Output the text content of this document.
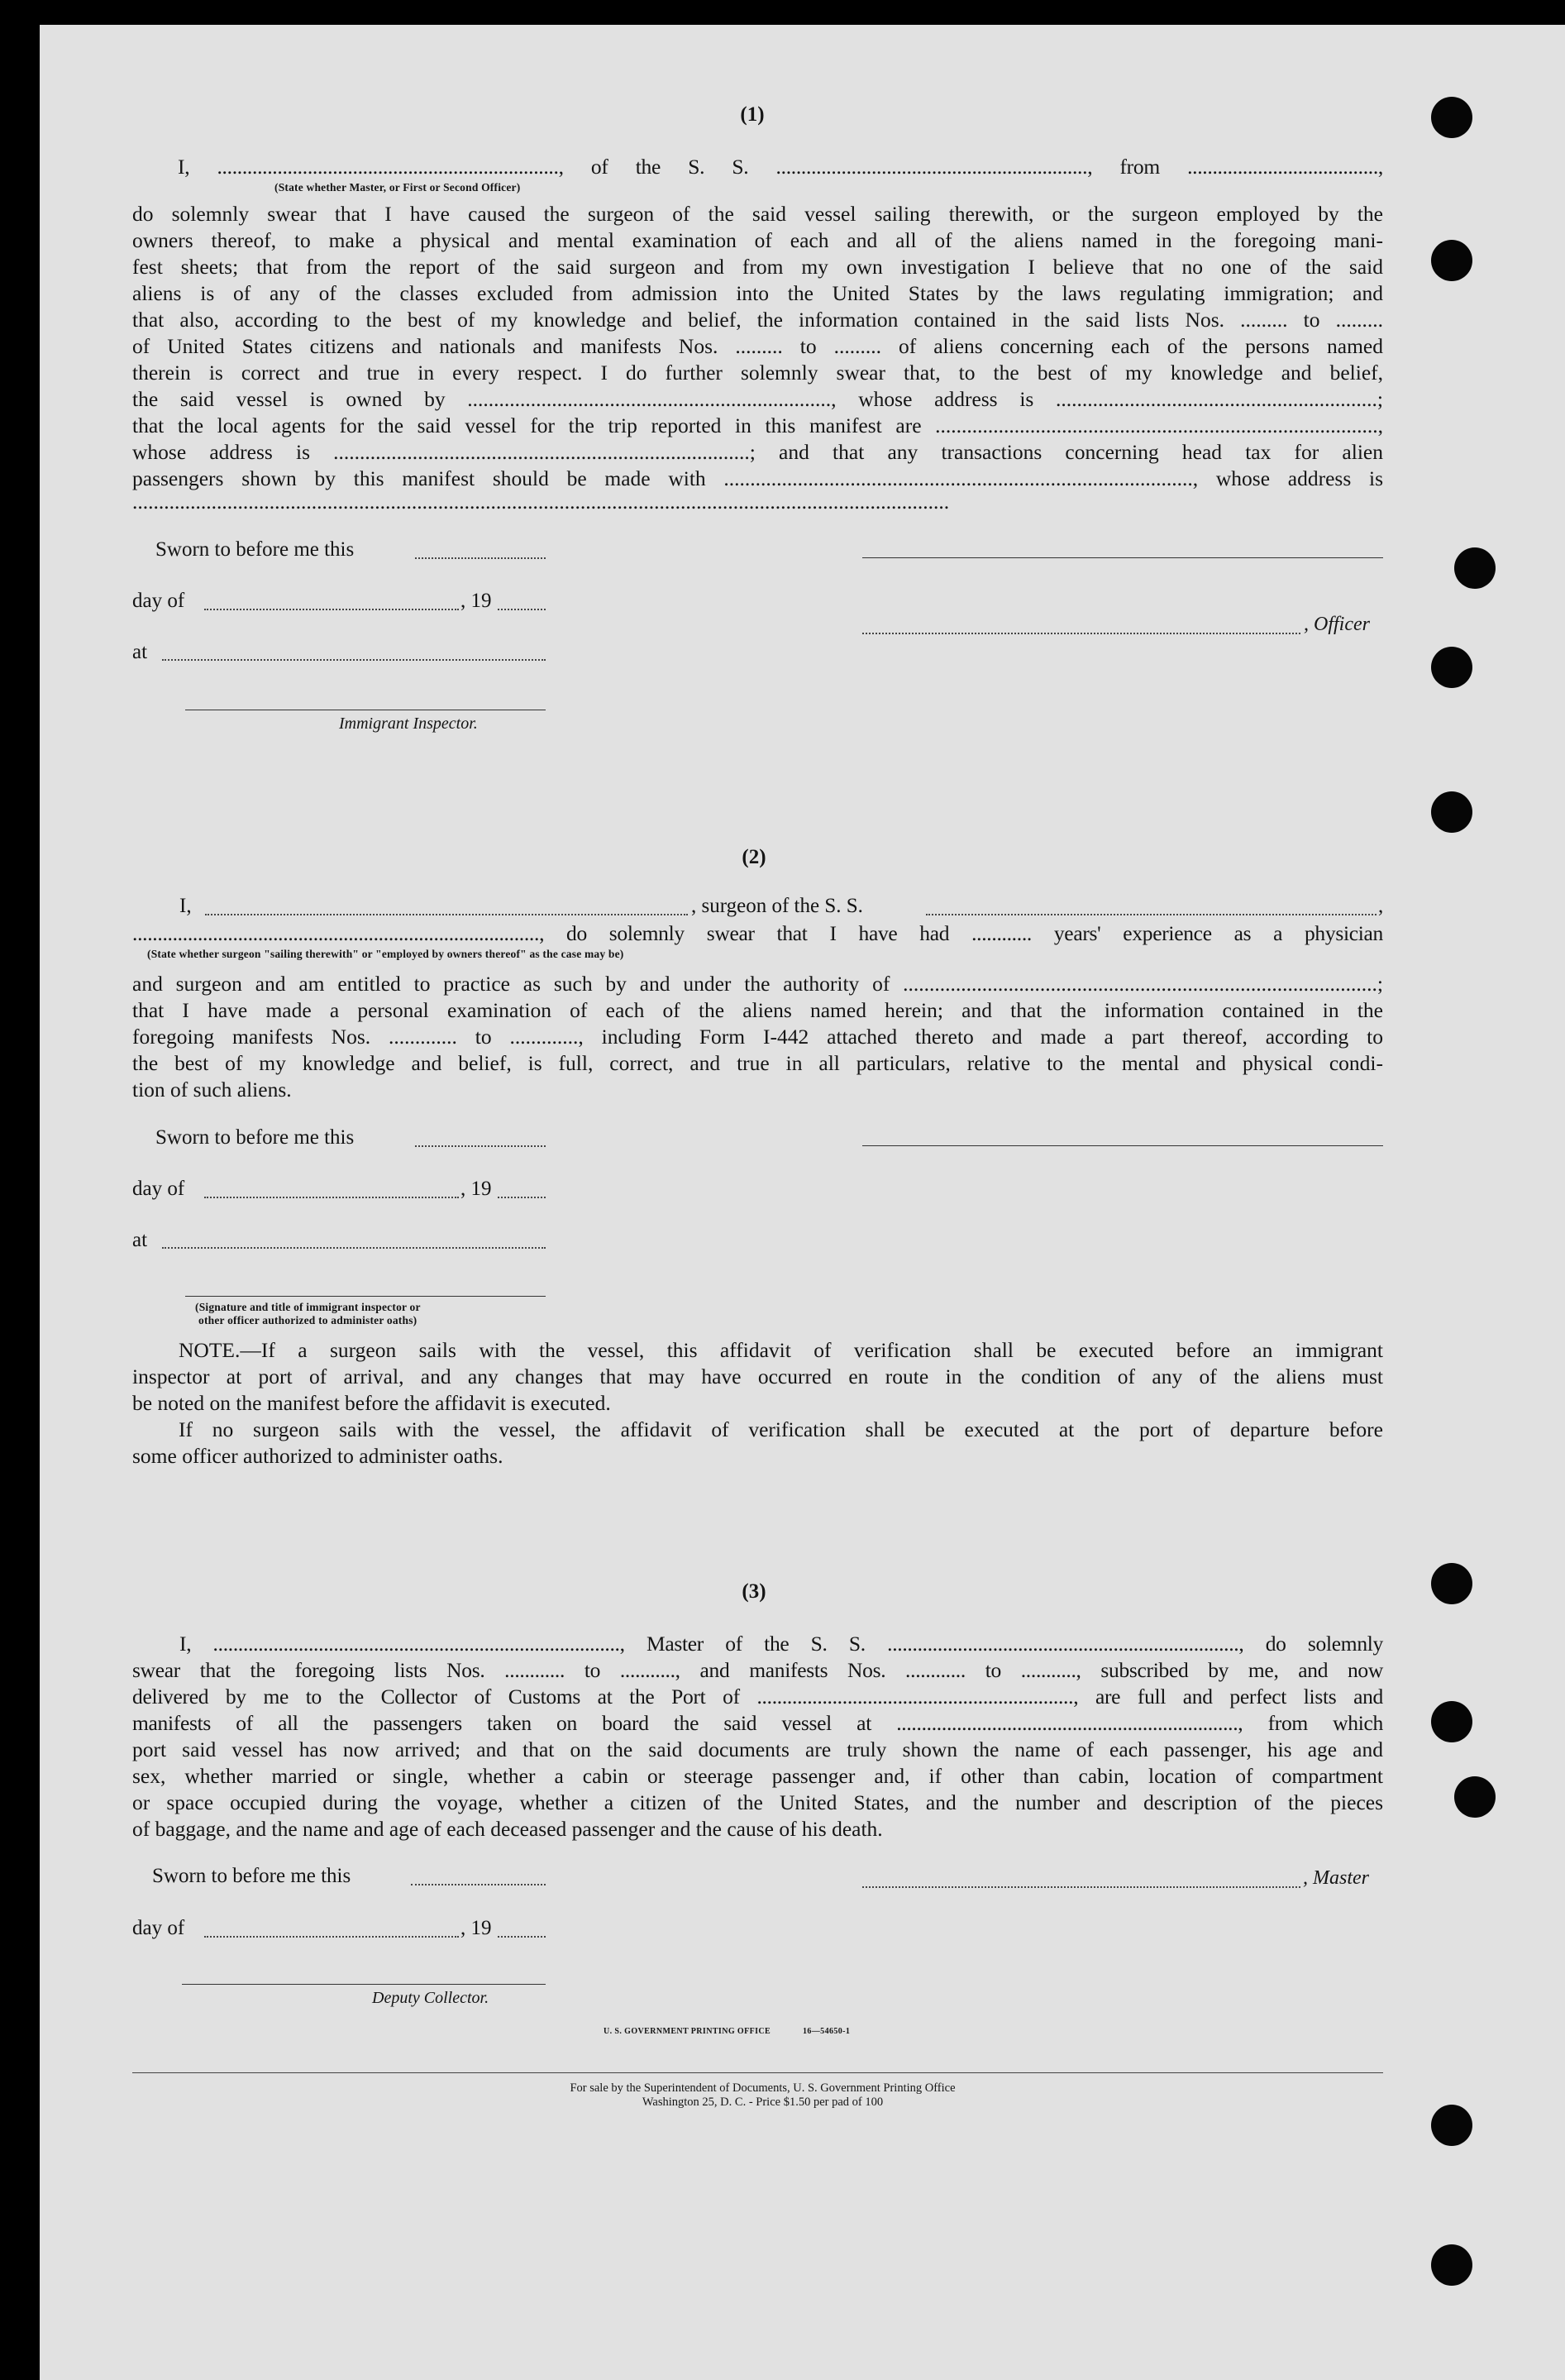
(1)
I, ...................................................................., of the S. S. .............................................................., from ......................................,
(State whether Master, or First or Second Officer)
do solemnly swear that I have caused the surgeon of the said vessel sailing therewith, or the surgeon employed by the
owners thereof, to make a physical and mental examination of each and all of the aliens named in the foregoing mani-
fest sheets; that from the report of the said surgeon and from my own investigation I believe that no one of the said
aliens is of any of the classes excluded from admission into the United States by the laws regulating immigration; and
that also, according to the best of my knowledge and belief, the information contained in the said lists Nos. ......... to .........
of United States citizens and nationals and manifests Nos. ......... to ......... of aliens concerning each of the persons named
therein is correct and true in every respect. I do further solemnly swear that, to the best of my knowledge and belief,
the said vessel is owned by ....................................................................., whose address is .............................................................;
that the local agents for the said vessel for the trip reported in this manifest are ....................................................................................,
whose address is ...............................................................................; and that any transactions concerning head tax for alien
passengers shown by this manifest should be made with ........................................................................................., whose address is
...........................................................................................................................................................
Sworn to before me this
day of	, 19
, Officer
at
Immigrant Inspector.
(2)
I,	, surgeon of the S. S.	,
................................................................................., do solemnly swear that I have had ............ years' experience as a physician
(State whether surgeon "sailing therewith" or "employed by owners thereof" as the case may be)
and surgeon and am entitled to practice as such by and under the authority of ..........................................................................................;
that I have made a personal examination of each of the aliens named herein; and that the information contained in the
foregoing manifests Nos. ............. to ............., including Form I-442 attached thereto and made a part thereof, according to
the best of my knowledge and belief, is full, correct, and true in all particulars, relative to the mental and physical condi-
tion of such aliens.
Sworn to before me this
day of	, 19
at
(Signature and title of immigrant inspector or
other officer authorized to administer oaths)
NOTE.—If a surgeon sails with the vessel, this affidavit of verification shall be executed before an immigrant
inspector at port of arrival, and any changes that may have occurred en route in the condition of any of the aliens must
be noted on the manifest before the affidavit is executed.
If no surgeon sails with the vessel, the affidavit of verification shall be executed at the port of departure before
some officer authorized to administer oaths.
(3)
I, ................................................................................., Master of the S. S. ......................................................................, do solemnly
swear that the foregoing lists Nos. ............ to ..........., and manifests Nos. ............ to ..........., subscribed by me, and now
delivered by me to the Collector of Customs at the Port of ..............................................................., are full and perfect lists and
manifests of all the passengers taken on board the said vessel at ...................................................................., from which
port said vessel has now arrived; and that on the said documents are truly shown the name of each passenger, his age and
sex, whether married or single, whether a cabin or steerage passenger and, if other than cabin, location of compartment
or space occupied during the voyage, whether a citizen of the United States, and the number and description of the pieces
of baggage, and the name and age of each deceased passenger and the cause of his death.
Sworn to before me this	, Master
day of	, 19
Deputy Collector.
U. S. GOVERNMENT PRINTING OFFICE	16—54650-1
For sale by the Superintendent of Documents, U. S. Government Printing Office
Washington 25, D. C. - Price $1.50 per pad of 100
